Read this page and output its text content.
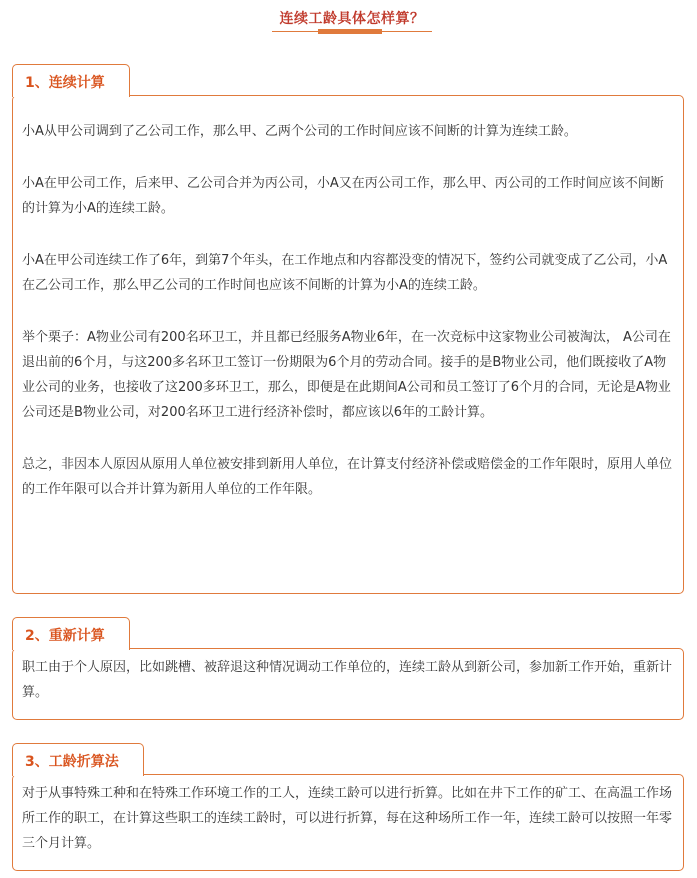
连续工龄具体怎样算？
1、连续计算

小A从甲公司调到了乙公司工作，那么甲、乙两个公司的工作时间应该不间断的计算为连续工龄。

小A在甲公司工作，后来甲、乙公司合并为丙公司，小A又在丙公司工作，那么甲、丙公司的工作时间应该不间断的计算为小A的连续工龄。

小A在甲公司连续工作了6年，到第7个年头，在工作地点和内容都没变的情况下，签约公司就变成了乙公司，小A 在乙公司工作，那么甲乙公司的工作时间也应该不间断的计算为小A的连续工龄。

举个栗子：A物业公司有200名环卫工，并且都已经服务A物业6年，在一次竞标中这家物业公司被淘汰， A公司在退出前的6个月，与这200多名环卫工签订一份期限为6个月的劳动合同。接手的是B物业公司，他们既接收了A物业公司的业务，也接收了这200多环卫工，那么，即便是在此期间A公司和员工签订了6个月的合同，无论是A物业公司还是B物业公司，对200名环卫工进行经济补偿时，都应该以6年的工龄计算。

总之，非因本人原因从原用人单位被安排到新用人单位，在计算支付经济补偿或赔偿金的工作年限时，原用人单位的工作年限可以合并计算为新用人单位的工作年限。

2、重新计算

职工由于个人原因，比如跳槽、被辞退这种情况调动工作单位的，连续工龄从到新公司，参加新工作开始，重新计算。

3、工龄折算法

对于从事特殊工种和在特殊工作环境工作的工人，连续工龄可以进行折算。比如在井下工作的矿工、在高温工作场所工作的职工，在计算这些职工的连续工龄时，可以进行折算，每在这种场所工作一年，连续工龄可以按照一年零三个月计算。
